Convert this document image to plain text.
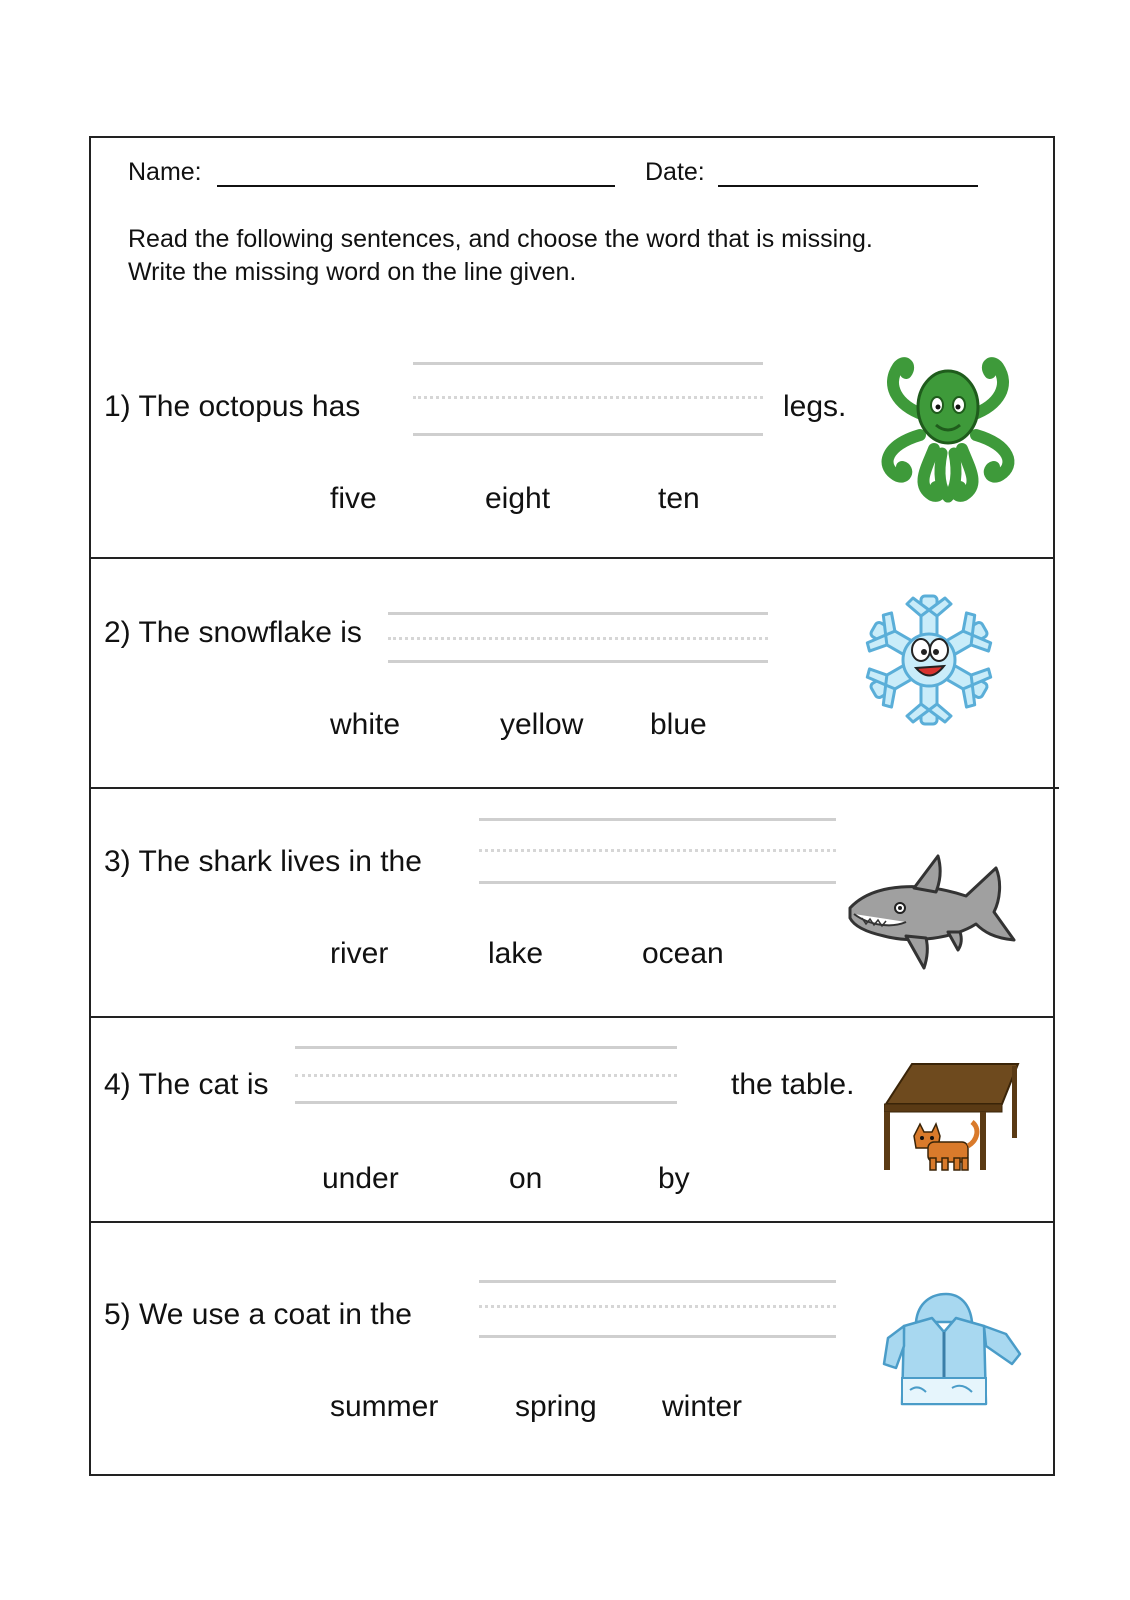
Name:	Date:
Read the following sentences, and choose the word that is missing.
Write the missing word on the line given.
1) The octopus has	legs.
five	eight	ten
2) The snowflake is
white	yellow blue
3) The shark lives in the
river	lake	ocean
4) The cat is	the table.
under	on	by
5) We use a coat in the
summer	spring winter
